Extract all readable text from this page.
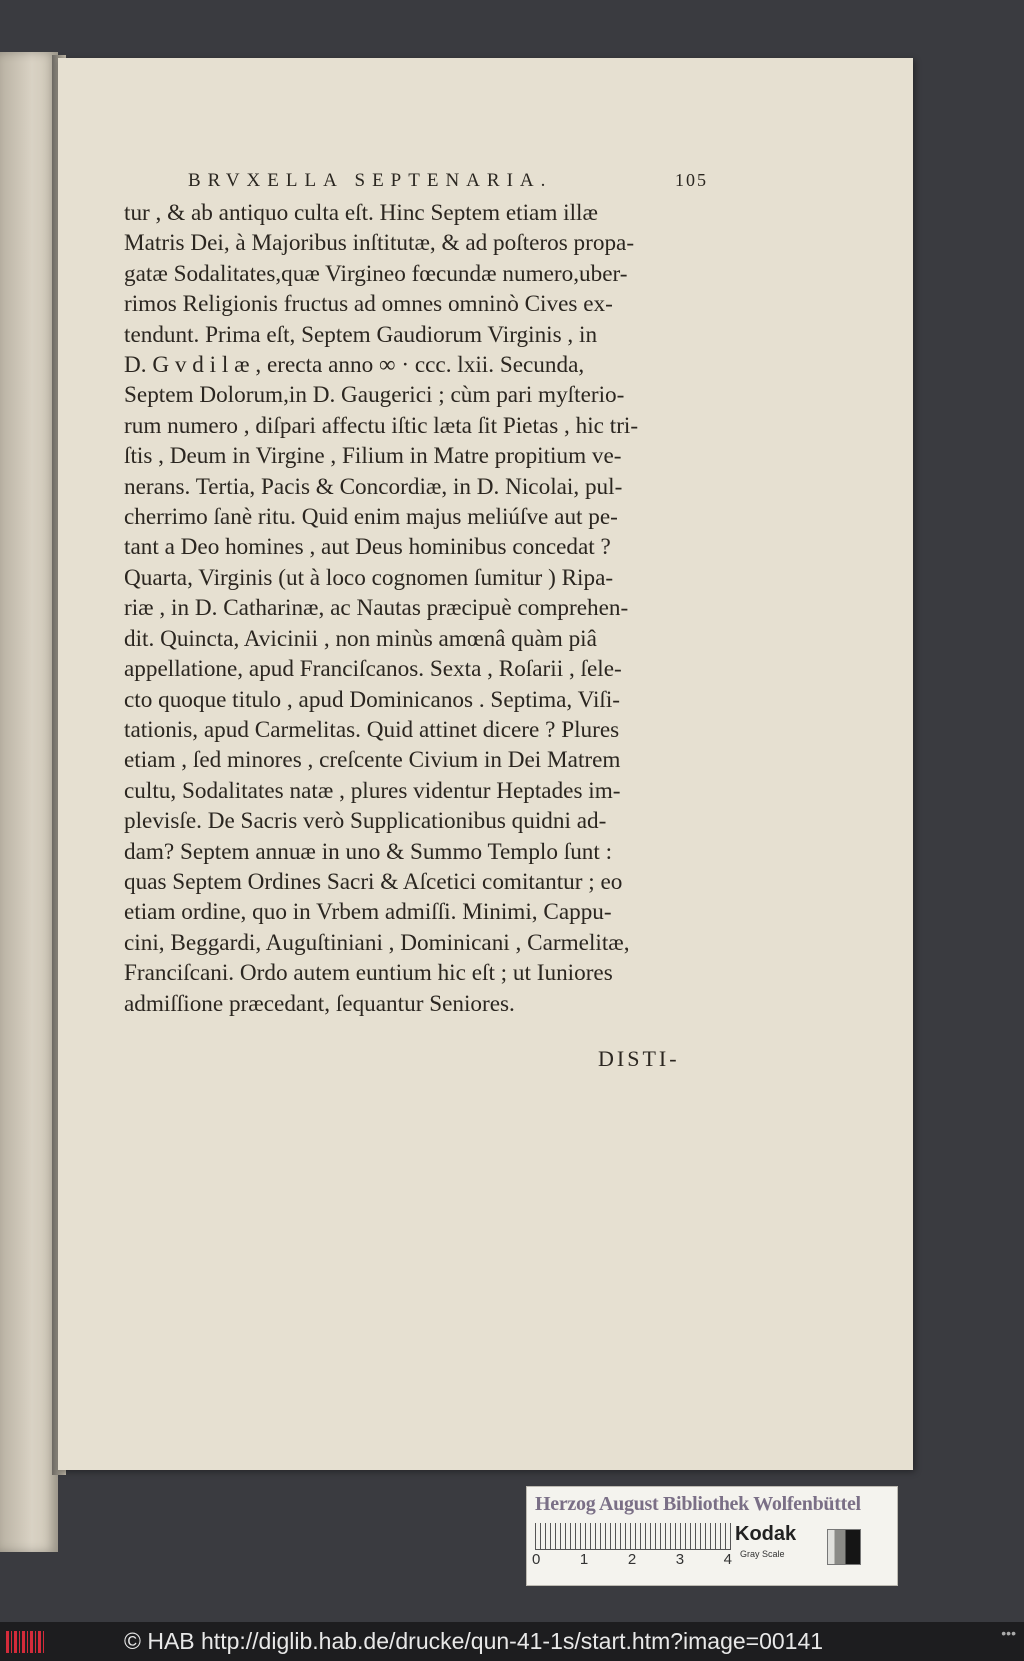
BRVXELLA SEPTENARIA.	105
tur , & ab antiquo culta eſt. Hinc Septem etiam illæ
Matris Dei, à Majoribus inſtitutæ, & ad poſteros propa-
gatæ Sodalitates,quæ Virgineo fœcundæ numero,uber-
rimos Religionis fructus ad omnes omninò Cives ex-
tendunt. Prima eſt, Septem Gaudiorum Virginis , in
D. G v d i l æ , erecta anno ∞ · ccc. lxii. Secunda,
Septem Dolorum,in D. Gaugerici ; cùm pari myſterio-
rum numero , diſpari affectu iſtic læta ſit Pietas , hic tri-
ſtis , Deum in Virgine , Filium in Matre propitium ve-
nerans. Tertia, Pacis & Concordiæ, in D. Nicolai, pul-
cherrimo ſanè ritu. Quid enim majus meliúſve aut pe-
tant a Deo homines , aut Deus hominibus concedat ?
Quarta, Virginis (ut à loco cognomen ſumitur ) Ripa-
riæ , in D. Catharinæ, ac Nautas præcipuè comprehen-
dit. Quincta, Avicinii , non minùs amœnâ quàm piâ
appellatione, apud Franciſcanos. Sexta , Roſarii , ſele-
cto quoque titulo , apud Dominicanos . Septima, Viſi-
tationis, apud Carmelitas. Quid attinet dicere ? Plures
etiam , ſed minores , creſcente Civium in Dei Matrem
cultu, Sodalitates natæ , plures videntur Heptades im-
plevisſe. De Sacris verò Supplicationibus quidni ad-
dam? Septem annuæ in uno & Summo Templo ſunt :
quas Septem Ordines Sacri & Aſcetici comitantur ; eo
etiam ordine, quo in Vrbem admiſſi. Minimi, Cappu-
cini, Beggardi, Auguſtiniani , Dominicani , Carmelitæ,
Franciſcani. Ordo autem euntium hic eſt ; ut Iuniores
admiſſione præcedant, ſequantur Seniores.
DISTI-
Herzog August Bibliothek Wolfenbüttel
0	1	2	3	4
Kodak
Gray Scale
© HAB http://diglib.hab.de/drucke/qun-41-1s/start.htm?image=00141	•••
